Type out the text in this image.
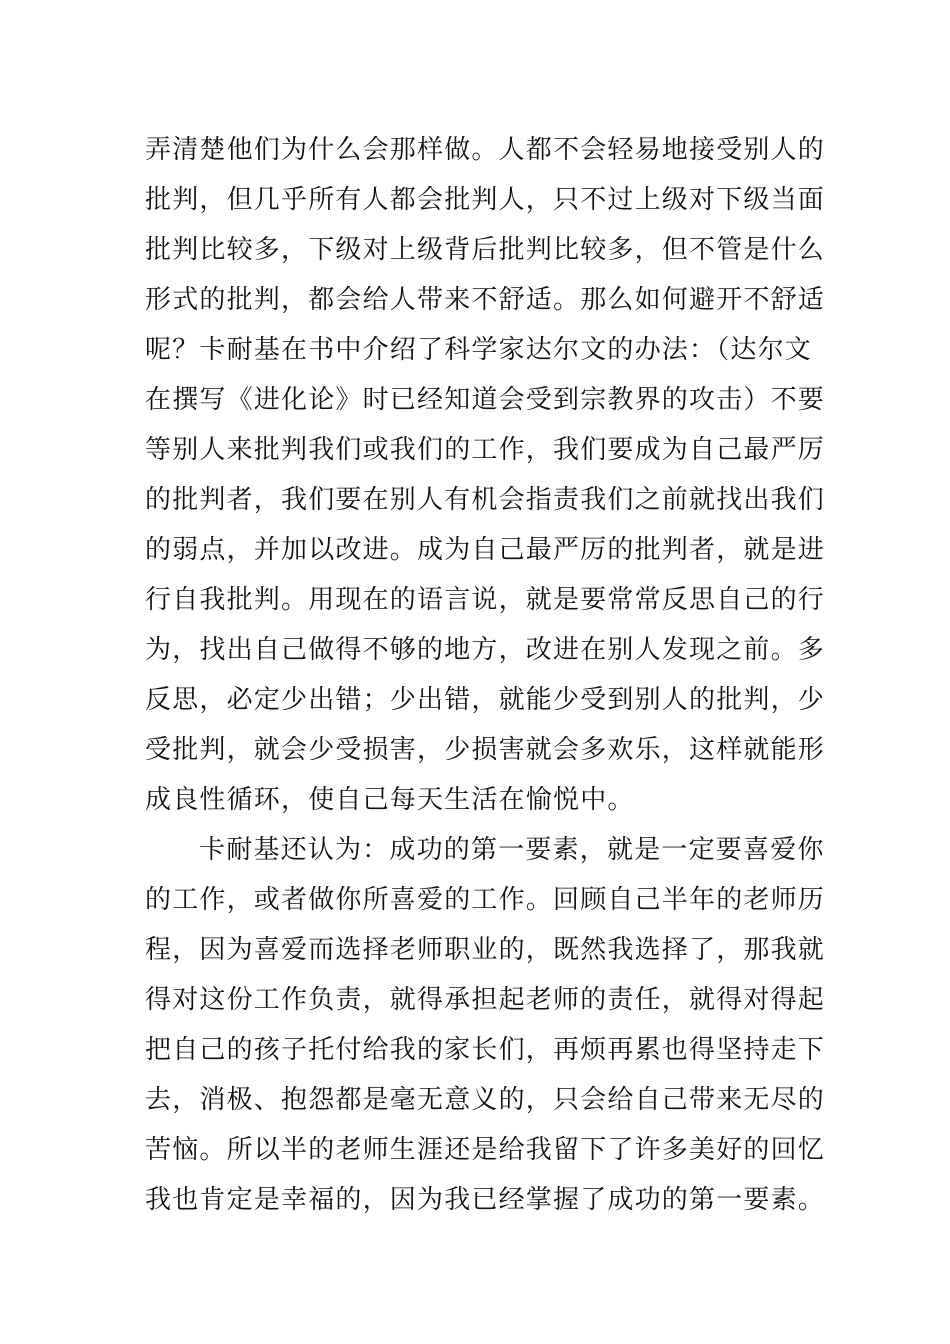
弄清楚他们为什么会那样做。人都不会轻易地接受别人的
批判，但几乎所有人都会批判人，只不过上级对下级当面
批判比较多，下级对上级背后批判比较多，但不管是什么
形式的批判，都会给人带来不舒适。那么如何避开不舒适
呢？卡耐基在书中介绍了科学家达尔文的办法：（达尔文
在撰写《进化论》时已经知道会受到宗教界的攻击）不要
等别人来批判我们或我们的工作，我们要成为自己最严厉
的批判者，我们要在别人有机会指责我们之前就找出我们
的弱点，并加以改进。成为自己最严厉的批判者，就是进
行自我批判。用现在的语言说，就是要常常反思自己的行
为，找出自己做得不够的地方，改进在别人发现之前。多
反思，必定少出错；少出错，就能少受到别人的批判，少
受批判，就会少受损害，少损害就会多欢乐，这样就能形
成良性循环，使自己每天生活在愉悦中。
卡耐基还认为：成功的第一要素，就是一定要喜爱你
的工作，或者做你所喜爱的工作。回顾自己半年的老师历
程，因为喜爱而选择老师职业的，既然我选择了，那我就
得对这份工作负责，就得承担起老师的责任，就得对得起
把自己的孩子托付给我的家长们，再烦再累也得坚持走下
去，消极、抱怨都是毫无意义的，只会给自己带来无尽的
苦恼。所以半的老师生涯还是给我留下了许多美好的回忆
我也肯定是幸福的，因为我已经掌握了成功的第一要素。
